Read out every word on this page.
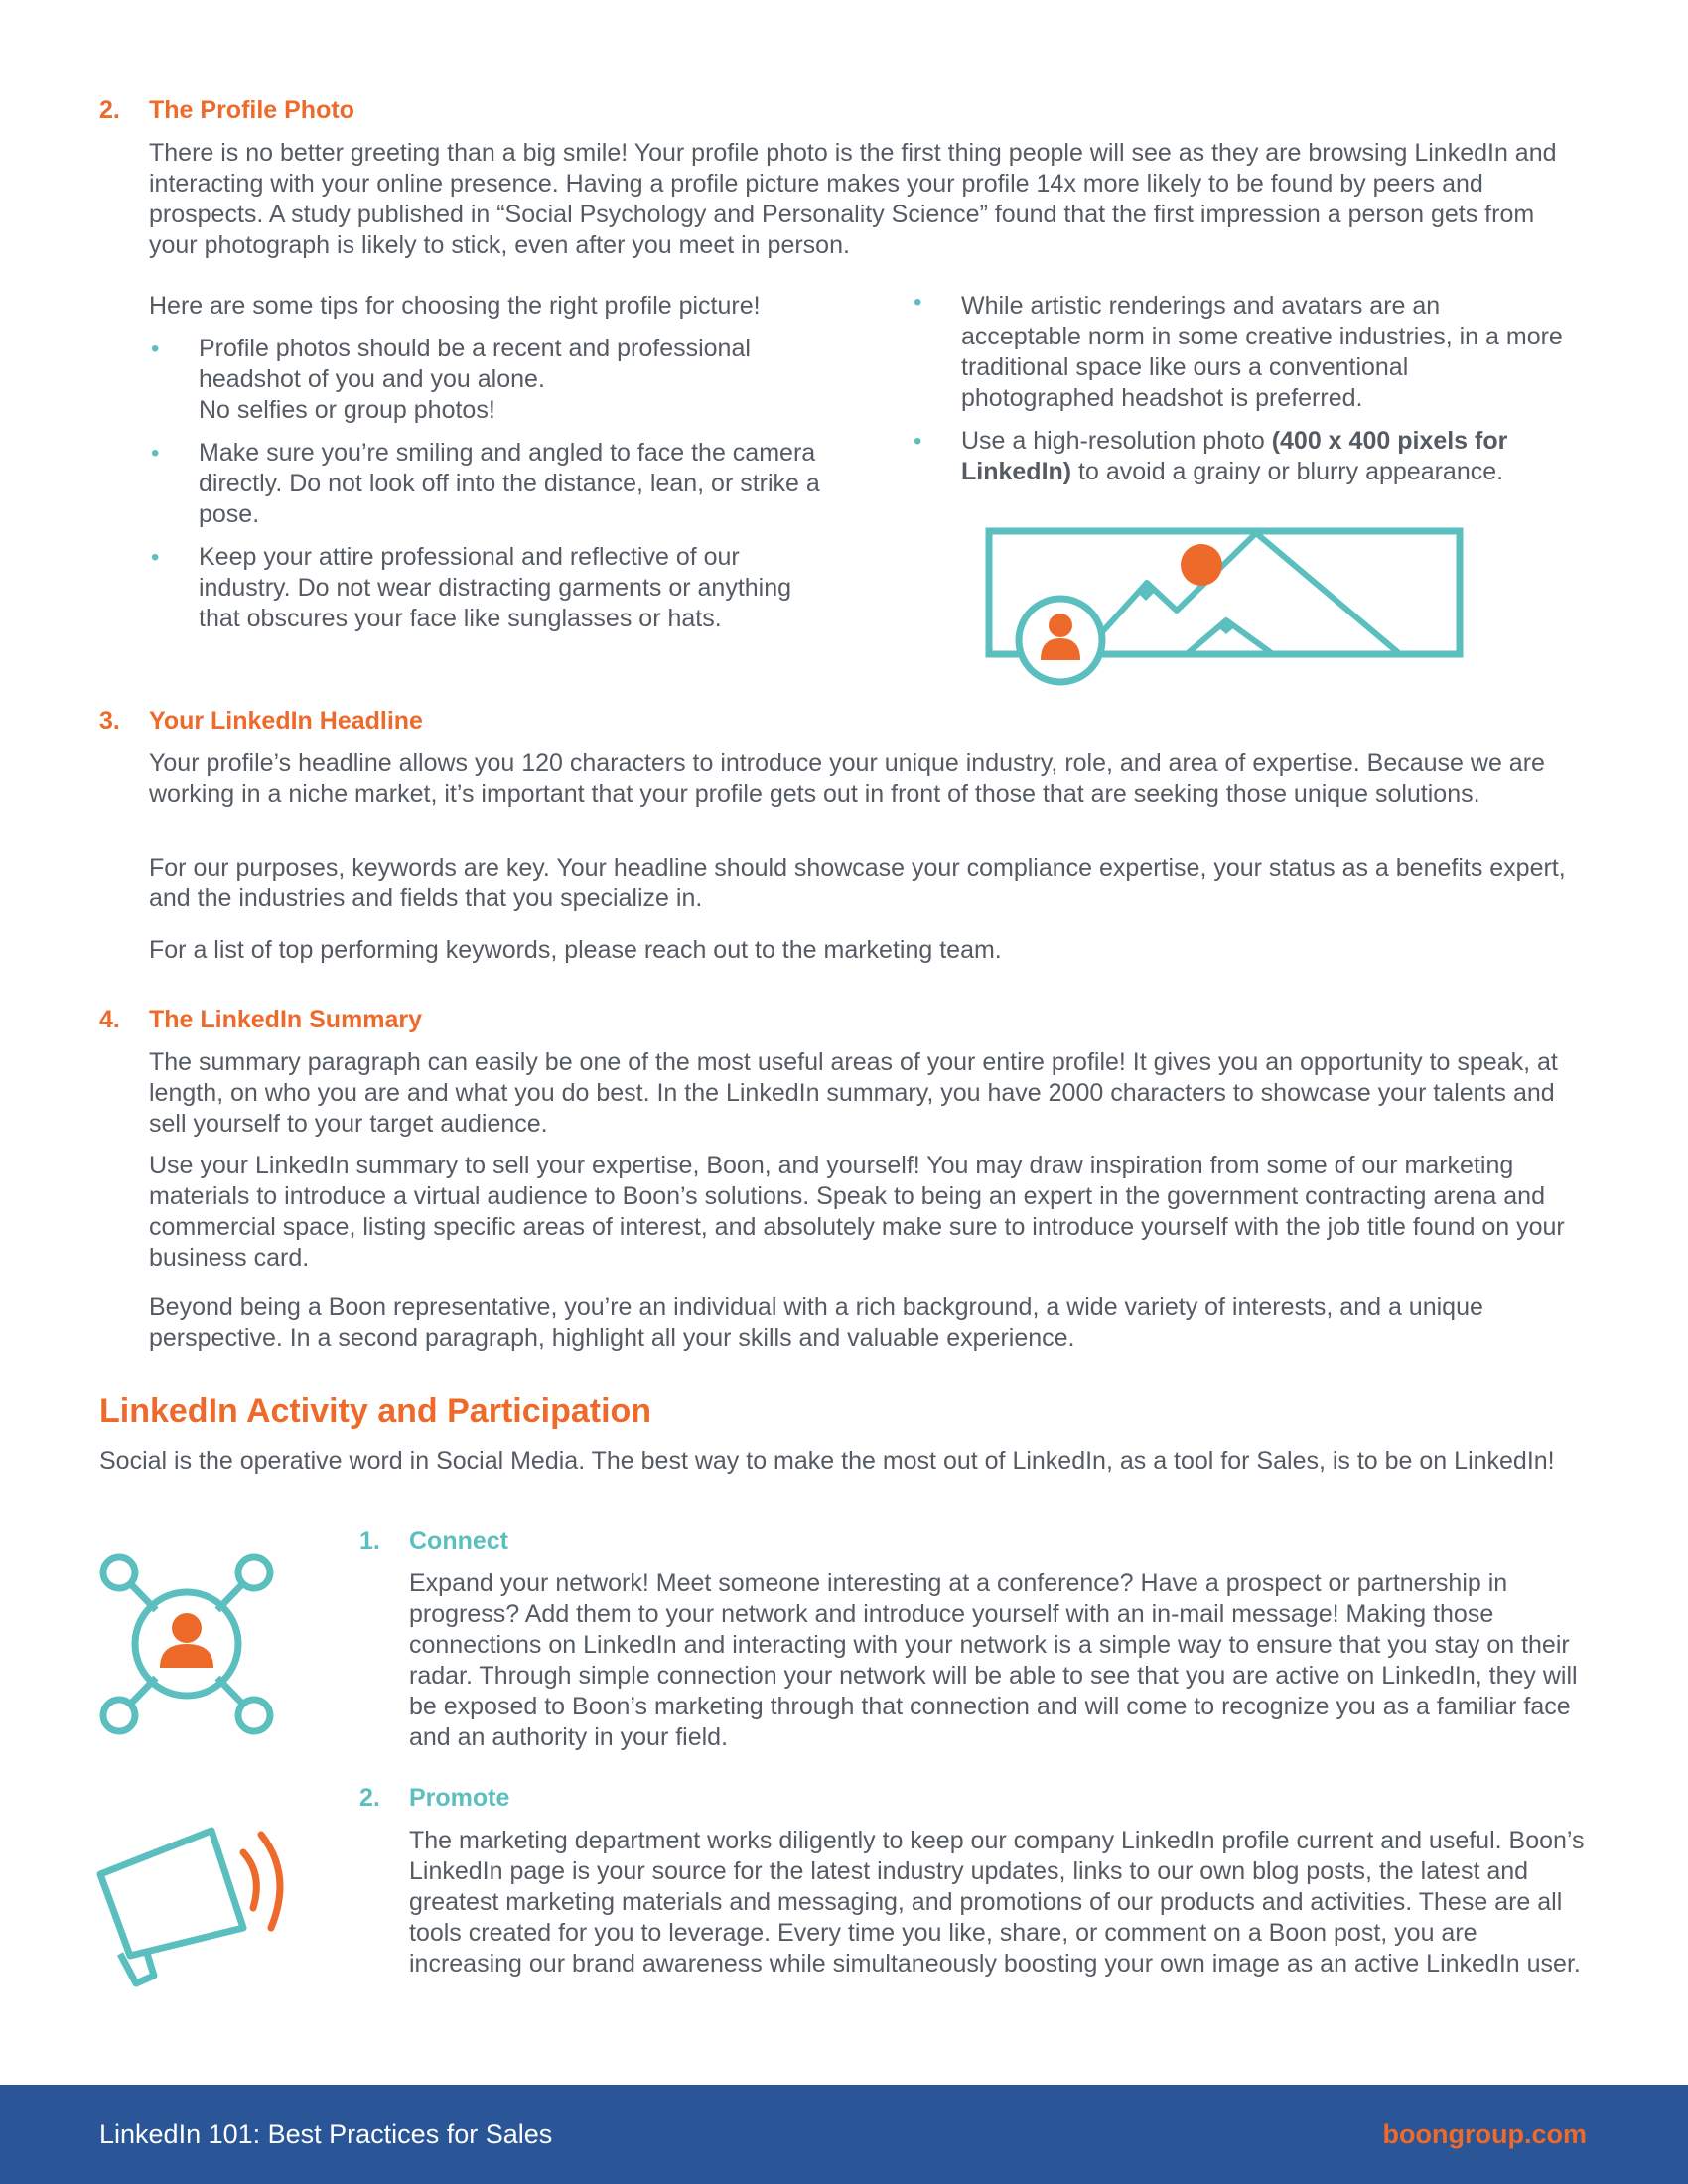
2. The Profile Photo

There is no better greeting than a big smile! Your profile photo is the first thing people will see as they are browsing LinkedIn and interacting with your online presence. Having a profile picture makes your profile 14x more likely to be found by peers and prospects. A study published in “Social Psychology and Personality Science” found that the first impression a person gets from your photograph is likely to stick, even after you meet in person.

Here are some tips for choosing the right profile picture!

• Profile photos should be a recent and professional headshot of you and you alone.
No selfies or group photos!
• Make sure you’re smiling and angled to face the camera directly. Do not look off into the distance, lean, or strike a pose.
• Keep your attire professional and reflective of our industry. Do not wear distracting garments or anything that obscures your face like sunglasses or hats.
• While artistic renderings and avatars are an acceptable norm in some creative industries, in a more traditional space like ours a conventional photographed headshot is preferred.
• Use a high-resolution photo (400 x 400 pixels for LinkedIn) to avoid a grainy or blurry appearance.
3. Your LinkedIn Headline

Your profile’s headline allows you 120 characters to introduce your unique industry, role, and area of expertise. Because we are working in a niche market, it’s important that your profile gets out in front of those that are seeking those unique solutions.

For our purposes, keywords are key. Your headline should showcase your compliance expertise, your status as a benefits expert, and the industries and fields that you specialize in.

For a list of top performing keywords, please reach out to the marketing team.

4. The LinkedIn Summary

The summary paragraph can easily be one of the most useful areas of your entire profile! It gives you an opportunity to speak, at length, on who you are and what you do best. In the LinkedIn summary, you have 2000 characters to showcase your talents and sell yourself to your target audience.

Use your LinkedIn summary to sell your expertise, Boon, and yourself! You may draw inspiration from some of our marketing materials to introduce a virtual audience to Boon’s solutions. Speak to being an expert in the government contracting arena and commercial space, listing specific areas of interest, and absolutely make sure to introduce yourself with the job title found on your business card.

Beyond being a Boon representative, you’re an individual with a rich background, a wide variety of interests, and a unique perspective. In a second paragraph, highlight all your skills and valuable experience.

LinkedIn Activity and Participation

Social is the operative word in Social Media. The best way to make the most out of LinkedIn, as a tool for Sales, is to be on LinkedIn!

1. Connect

Expand your network! Meet someone interesting at a conference? Have a prospect or partnership in progress? Add them to your network and introduce yourself with an in-mail message! Making those connections on LinkedIn and interacting with your network is a simple way to ensure that you stay on their radar. Through simple connection your network will be able to see that you are active on LinkedIn, they will be exposed to Boon’s marketing through that connection and will come to recognize you as a familiar face and an authority in your field.

2. Promote

The marketing department works diligently to keep our company LinkedIn profile current and useful. Boon’s LinkedIn page is your source for the latest industry updates, links to our own blog posts, the latest and greatest marketing materials and messaging, and promotions of our products and activities. These are all tools created for you to leverage. Every time you like, share, or comment on a Boon post, you are increasing our brand awareness while simultaneously boosting your own image as an active LinkedIn user.

LinkedIn 101: Best Practices for Sales	boongroup.com
